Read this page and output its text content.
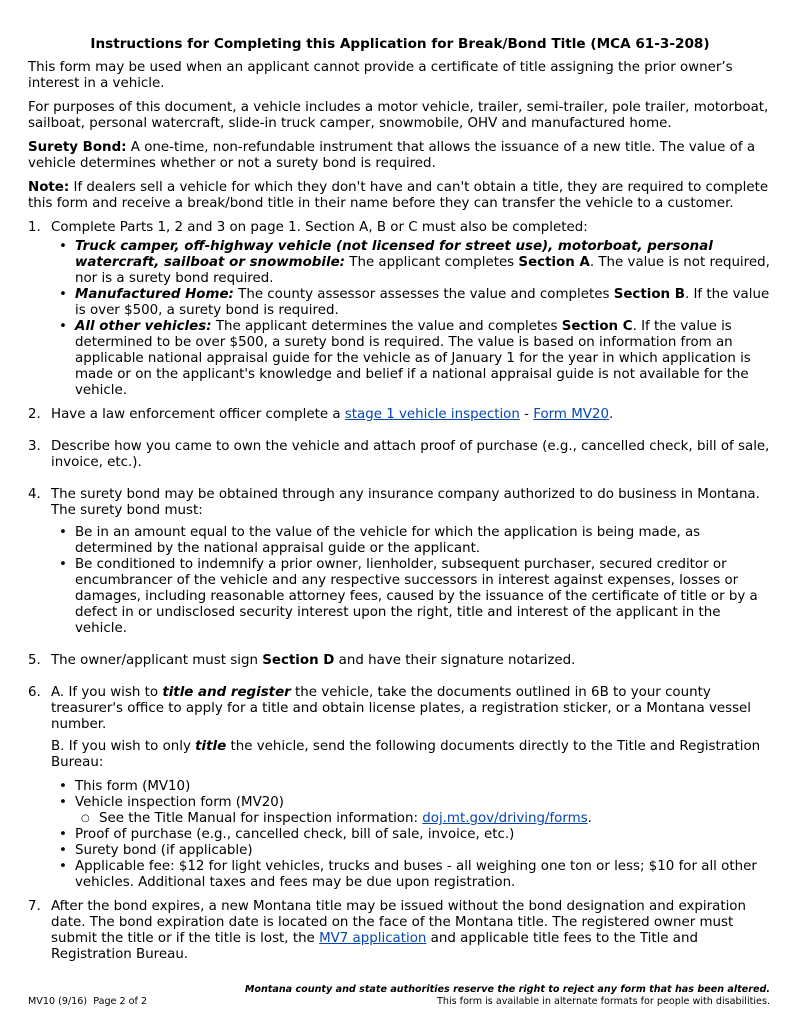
Instructions for Completing this Application for Break/Bond Title (MCA 61-3-208)

This form may be used when an applicant cannot provide a certificate of title assigning the prior owner’s interest in a vehicle.

For purposes of this document, a vehicle includes a motor vehicle, trailer, semi-trailer, pole trailer, motorboat, sailboat, personal watercraft, slide-in truck camper, snowmobile, OHV and manufactured home.

Surety Bond: A one-time, non-refundable instrument that allows the issuance of a new title. The value of a vehicle determines whether or not a surety bond is required.

Note: If dealers sell a vehicle for which they don't have and can't obtain a title, they are required to complete this form and receive a break/bond title in their name before they can transfer the vehicle to a customer.

1. Complete Parts 1, 2 and 3 on page 1. Section A, B or C must also be completed:
• Truck camper, off-highway vehicle (not licensed for street use), motorboat, personal watercraft, sailboat or snowmobile: The applicant completes Section A. The value is not required, nor is a surety bond required.
• Manufactured Home: The county assessor assesses the value and completes Section B. If the value is over $500, a surety bond is required.
• All other vehicles: The applicant determines the value and completes Section C. If the value is determined to be over $500, a surety bond is required. The value is based on information from an applicable national appraisal guide for the vehicle as of January 1 for the year in which application is made or on the applicant's knowledge and belief if a national appraisal guide is not available for the vehicle.
2. Have a law enforcement officer complete a stage 1 vehicle inspection - Form MV20.
3. Describe how you came to own the vehicle and attach proof of purchase (e.g., cancelled check, bill of sale, invoice, etc.).
4. The surety bond may be obtained through any insurance company authorized to do business in Montana. The surety bond must:
• Be in an amount equal to the value of the vehicle for which the application is being made, as determined by the national appraisal guide or the applicant.
• Be conditioned to indemnify a prior owner, lienholder, subsequent purchaser, secured creditor or encumbrancer of the vehicle and any respective successors in interest against expenses, losses or damages, including reasonable attorney fees, caused by the issuance of the certificate of title or by a defect in or undisclosed security interest upon the right, title and interest of the applicant in the vehicle.
5. The owner/applicant must sign Section D and have their signature notarized.
6. A. If you wish to title and register the vehicle, take the documents outlined in 6B to your county treasurer's office to apply for a title and obtain license plates, a registration sticker, or a Montana vessel number.
B. If you wish to only title the vehicle, send the following documents directly to the Title and Registration Bureau:
• This form (MV10)
• Vehicle inspection form (MV20)
○ See the Title Manual for inspection information: doj.mt.gov/driving/forms.
• Proof of purchase (e.g., cancelled check, bill of sale, invoice, etc.)
• Surety bond (if applicable)
• Applicable fee: $12 for light vehicles, trucks and buses - all weighing one ton or less; $10 for all other vehicles. Additional taxes and fees may be due upon registration.
7. After the bond expires, a new Montana title may be issued without the bond designation and expiration date. The bond expiration date is located on the face of the Montana title. The registered owner must submit the title or if the title is lost, the MV7 application and applicable title fees to the Title and Registration Bureau.
Montana county and state authorities reserve the right to reject any form that has been altered.
MV10 (9/16)  Page 2 of 2	This form is available in alternate formats for people with disabilities.
